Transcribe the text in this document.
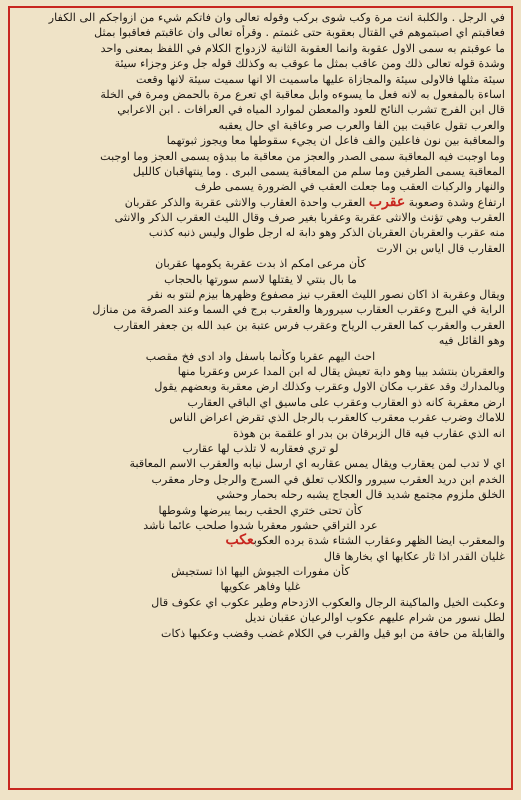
في الرجل . والكلبة انت مرة وكب شوى بركب وقوله تعالى وان فاتكم شيء من ازواجكم الى الكفار
فعاقبتم اي اصبتموهم في القتال بعقوبة حتى غنمتم . وقرأه تعالى وان عاقبتم فعاقبوا بمثل
ما عوقبتم به سمى الاول عقوبة وانما العقوبة الثانية لازدواج الكلام في اللفظ بمعنى واحد
وشدة قوله تعالى ذلك ومن عاقب بمثل ما عوقب به وكذلك قوله جل وعز وجزاء سيئة
سيئة مثلها فالاولى سيئة والمجازاة عليها ماسميت الا انها سميت سيئة لانها وقعت
اساءة بالمفعول به لانه فعل ما يسوءه وابل معاقبة اي تعرع مرة بالحمض ومرة في الخلة
قال ابن الفرج تشرب النائح للعود والمعطن لموارد المياه في العرافات . ابن الاعرابي
والعرب تقول عاقبت بين الفا والعرب صر وعاقبة اي حال يعقبه
والمعاقبة بين نون فاعلين والف فاعل ان يجيء سقوطها معا ويجوز ثبوتهما
وما اوجبت فيه المعاقبة سمى الصدر والعجز من معاقبة ما ببدؤه يسمى العجز وما اوجبت
المعاقبة يسمى الطرفين وما سلم من المعاقبة يسمى البرى . وما ينتهاقبان كالليل
والنهار والركبات العقب وما جعلت العقب في الضرورة يسمى طرف
ارتفاع وشدة وصعوبة عقرب العقرب واحدة العقارب والانثى عقربة والذكر عقربان
العقرب وهي تؤنث والانثى عقربة وعقربا بغير صرف وقال الليث العقرب الذكر والانثى
منه عقرب والعقربان العقربان الذكر وهو دابة له ارجل طوال وليس ذنبه كذنب
العقارب قال اياس بن الارت
كأن مرعى امكم اذ بدت عقربة يكومها عقربان
ما بال بنتي لا يقتلها لاسم سورتها بالحجاب
ويقال وعقربة اذ اكان نصور الليث العقرب نيز مصفوع وظهرها بيزم لنتو به نقر
الراية في البرج وعقرب العقارب سيرورها والعقرب برج في السما وعند الصرفة من منازل
العقرب والعقرب كما العقرب الرياح وعقرب فرس عتبة بن عبد الله بن جعفر العقارب
وهو القائل فيه
احث اليهم عقربا وكأنما باسفل واد ادى فخ مقصب
والعقربان بنتشد بيبا وهو دابة تعيش يقال له ابن المدا عرس وعقربا منها
وبالمدارك وقد عقرب مكان الاول وعقرب وكذلك ارض معقربة وبعضهم يقول
ارض معقربة كانه ذو العقارب وعقرب على ماسيق اي الباقي العقارب
للاماك وضرب عقرب معقرب كالعقرب بالرجل الذي تقرض اعراض الناس
انه الذي عقارب فيه قال الزبرقان بن بدر او علقمة بن هوذة
لو تري فعقاربه لا تلذب لها عقارب
اي لا تدب لمن يعقارب ويقال يمس عقاربه اي ارسل نيابه والعقرب الاسم المعاقبة
الخدم ابن دريد العقرب سيرور والكلاب تعلق في السرج والرجل وحار معقرب
الخلق ملزوم مجتمع شديد قال العجاج يشبه رحله بحمار وحشي
كأن تحتى ختري الحقب ربما يبرضها وشوطها
عرد التراقي حشور معقربا شدوا صلحب عائما ناشد
والمعقرب ايضا الظهر وعقارب الشتاء شدة برده العكوبعكب
غليان القدر اذا ثار عكابها اي بخارها قال
كأن مفورات الجيوش اليها اذا تستجيش
غليا وفاهر عكويها
وعكبت الخيل والماكينة الرجال والعكوب الازدحام وطير عكوب اي عكوف قال
لطل نسور من شرام عليهم عكوب اوالرعيان عقبان نديل
والقابلة من حافة من ابو قيل والقرب في الكلام غضب وقضب وعكبها ذكات
